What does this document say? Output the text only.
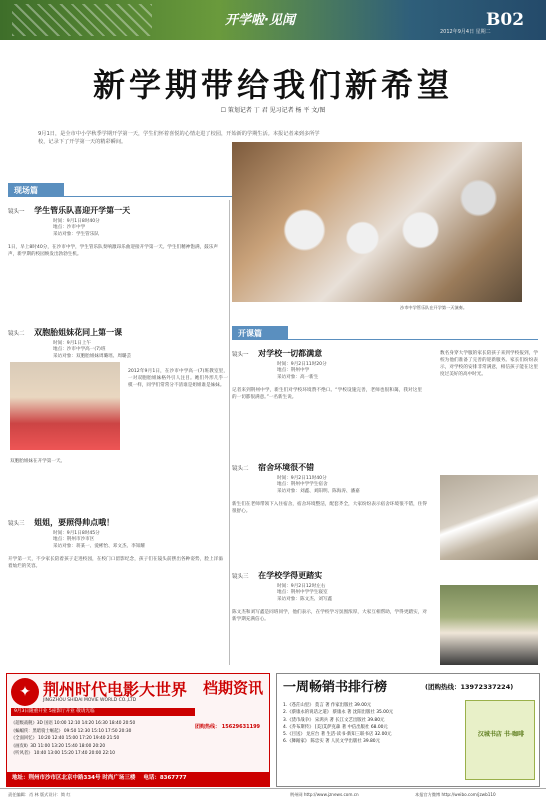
开学啦·见闻	B02
2012年9月4日 星期二
新学期带给我们新希望
☐ 策划记者 丁 君 见习记者 杨 平 文/图
9月1日，是全市中小学秋季学期开学第一天，学生们怀着喜悦的心情走进了校园，开始新的学期生活。本报记者来到多所学校，记录下了开学第一天的精彩瞬间。
现场篇
镜头一 学生管乐队喜迎开学第一天
时间：9月1日8时40分
地点：沙市中学
采访对象：学生管乐队
1日，早上8时40分，在沙市中学，学生管乐队奏响激昂乐曲迎接开学第一天。学生们精神饱满，鼓乐声声，新学期的校园焕发出勃勃生机。
沙市中学管乐队在开学第一天演奏。
镜头二 双胞胎姐妹花同上第一课
时间：9月1日上午
地点：沙市中学高一(7)班
采访对象：双胞胎姐妹周璐瑶、周璐芸
2012年9月1日，在沙市中学高一(7)班教室里，一对双胞胎姐妹格外引人注目。她们外形几乎一模一样，同学们常常分不清谁是姐姐谁是妹妹。
双胞胎姐妹在开学第一天。
镜头三 姐姐，要照得帅点哦！
时间：9月1日8时45分
地点：荆州市沙市区
采访对象：蒋某一、爱彬怡、邓文杰、李知耀
开学第一天，不少家长陪着孩子走进校园，在校门口留影纪念，孩子们在镜头前摆出各种姿势，脸上洋溢着灿烂的笑容。
开课篇
镜头一 对学校一切都满意
时间：9月2日11时20分
地点：荆州中学
采访对象：高一新生
记者来到荆州中学，新生们对学校环境赞不绝口。“学校设施完善，老师也很和蔼，我对这里的一切都很满意。”一名新生说。
数名身穿大学服的家长陪孩子来到学校报到，学校为他们准备了完善的迎新服务。家长们纷纷表示，对学校的安排非常满意，相信孩子能在这里度过美好的高中时光。
镜头二 宿舍环境很不错
时间：9月2日11时40分
地点：荆州中学学生宿舍
采访对象：刘鑫、刘阳明、陈海涛、潘嘉
新生们在老师带领下入住宿舍，宿舍环境整洁，配套齐全，大家纷纷表示宿舍环境很不错，住得很舒心。
镜头三 在学校学得更踏实
时间：9月2日12时左右
地点：荆州中学学生寝室
采访对象：陈文杰、刘写鑫
陈文杰和刘写鑫是同班同学，他们表示，在学校学习氛围浓厚，大家互相帮助，学得更踏实，对新学期充满信心。
✦ 荆州时代电影大世界
JINGZHOU SHIDAI MOVIE WORLD CO.,LTD
9月3日隆重开业 5座影厅开业 敬请光临
档期资讯
《超级战舰》3D 国语 10:00 12:10 14:20 16:30 18:40 20:50
《蝙蝠侠：黑暗骑士崛起》 09:50 12:30 15:10 17:50 20:30
《全面回忆》 10:20 12:40 15:00 17:20 19:40 21:50
《画皮Ⅱ》3D 11:00 13:20 15:40 18:00 20:20
《听风者》 10:40 13:00 15:20 17:40 20:00 22:10
团购热线： 15629631199
地址：荆州市沙市区北京中路334号 时尚广场三楼 电话：8367777
一周畅销书排行榜	(团购热线：13972337224)
1.《苍茫山里》 莫言 著 作家出版社 39.00元
2.《蔡康永的说话之道》 蔡康永 著 沈阳出版社 35.00元
3.《货币战争》 宋鸿兵 著 长江文艺出版社 39.80元
4.《乔布斯传》 [美]艾萨克森 著 中信出版社 68.00元
5.《目送》 龙应台 著 生活·读书·新知三联书店 32.00元
6.《舞蹈家》 陈忠实 著 人民文学出版社 39.80元
汉城书店 书·咖啡
责任编辑：肖 林 版式设计：简 红	荆州网 http://www.jznews.com.cn	本报官方微博 http://weibo.com/jzwb110
